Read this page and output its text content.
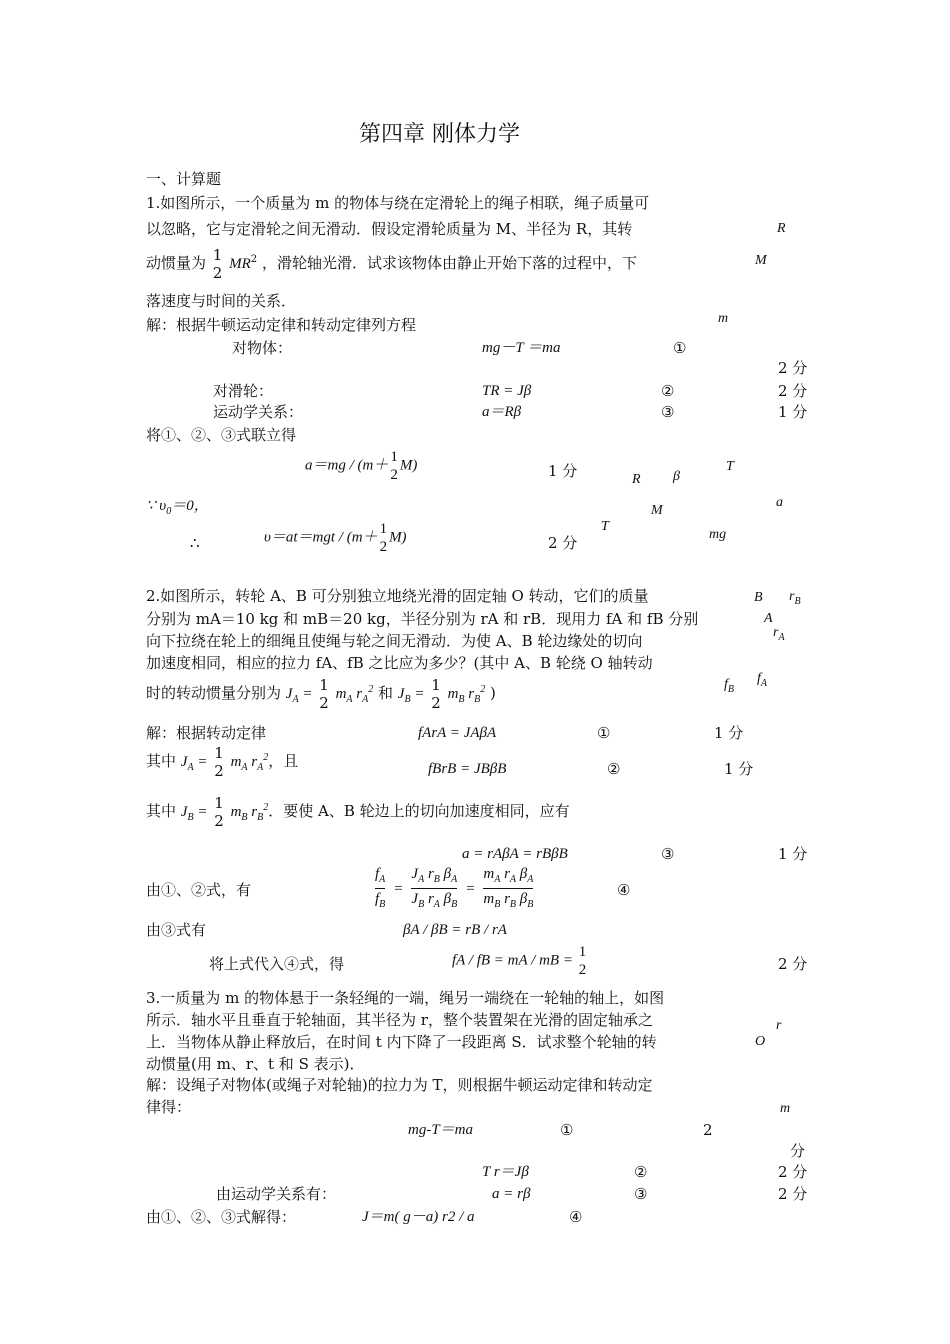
第四章 刚体力学
一、计算题
1.如图所示，一个质量为 m 的物体与绕在定滑轮上的绳子相联，绳子质量可
以忽略，它与定滑轮之间无滑动．假设定滑轮质量为 M、半径为 R，其转
动惯量为 1
2 $MR^2$ ，滑轮轴光滑．试求该物体由静止开始下落的过程中，下
落速度与时间的关系．
解：根据牛顿运动定律和转动定律列方程
对物体：	mg－T ＝ma	①
2 分
对滑轮：	TR = Jβ	②	2 分
运动学关系：	a＝Rβ	③	1 分
将①、②、③式联立得
a＝mg / (m＋
1
2
M)	1 分
∵ $\upsilon_0=0$，
∴	υ＝at＝mgt / (m＋
1
2
M)	2 分
R
M
m
T
R β
a
M
T
mg
2.如图所示，转轮 A、B 可分别独立地绕光滑的固定轴 O 转动，它们的质量
分别为 mA＝10 kg 和 mB＝20 kg，半径分别为 rA 和 rB．现用力 fA 和 fB 分别
向下拉绕在轮上的细绳且使绳与轮之间无滑动．为使 A、B 轮边缘处的切向
加速度相同，相应的拉力 fA、fB 之比应为多少？(其中 A、B 轮绕 O 轴转动
时的转动惯量分别为 $J_A = 1$
2 $m_A$ $r_A^2$ 和 $J_B = 1$
2 $m_B$ $r_B^2$ )
解：根据转动定律	fArA = JAβA	①	1 分
其中 $J_A = 1$
2 $m_A$ $r_A^2$，且	fBrB = JBβB	②	1 分
其中 $J_B = 1$
2 $m_B$ $r_B^2$．要使 A、B 轮边上的切向加速度相同，应有
a = rAβA = rBβB	③	1 分
由①、②式，有	$\frac{f_A}{f_B} = \frac{J_A r_B \beta_A}{J_B r_A \beta_B} = \frac{m_A r_A \beta_A}{m_B r_B \beta_B}$	④
由③式有	βA / βB = rB / rA
将上式代入④式，得	fA / fB = mA / mB =
1
2	2 分
B $r_B$
A
$r_A$
$f_B$
$f_A$
3.一质量为 m 的物体悬于一条轻绳的一端，绳另一端绕在一轮轴的轴上，如图
所示．轴水平且垂直于轮轴面，其半径为 r，整个装置架在光滑的固定轴承之
上．当物体从静止释放后，在时间 t 内下降了一段距离 S．试求整个轮轴的转
动惯量(用 m、r、t 和 S 表示)．
解：设绳子对物体(或绳子对轮轴)的拉力为 T，则根据牛顿运动定律和转动定
律得：
mg-T＝ma	①	2
分
T r＝Jβ	②	2 分
由运动学关系有：	a = rβ	③	2 分
由①、②、③式解得：	J＝m( g－a) r2 / a	④
r
O
m
